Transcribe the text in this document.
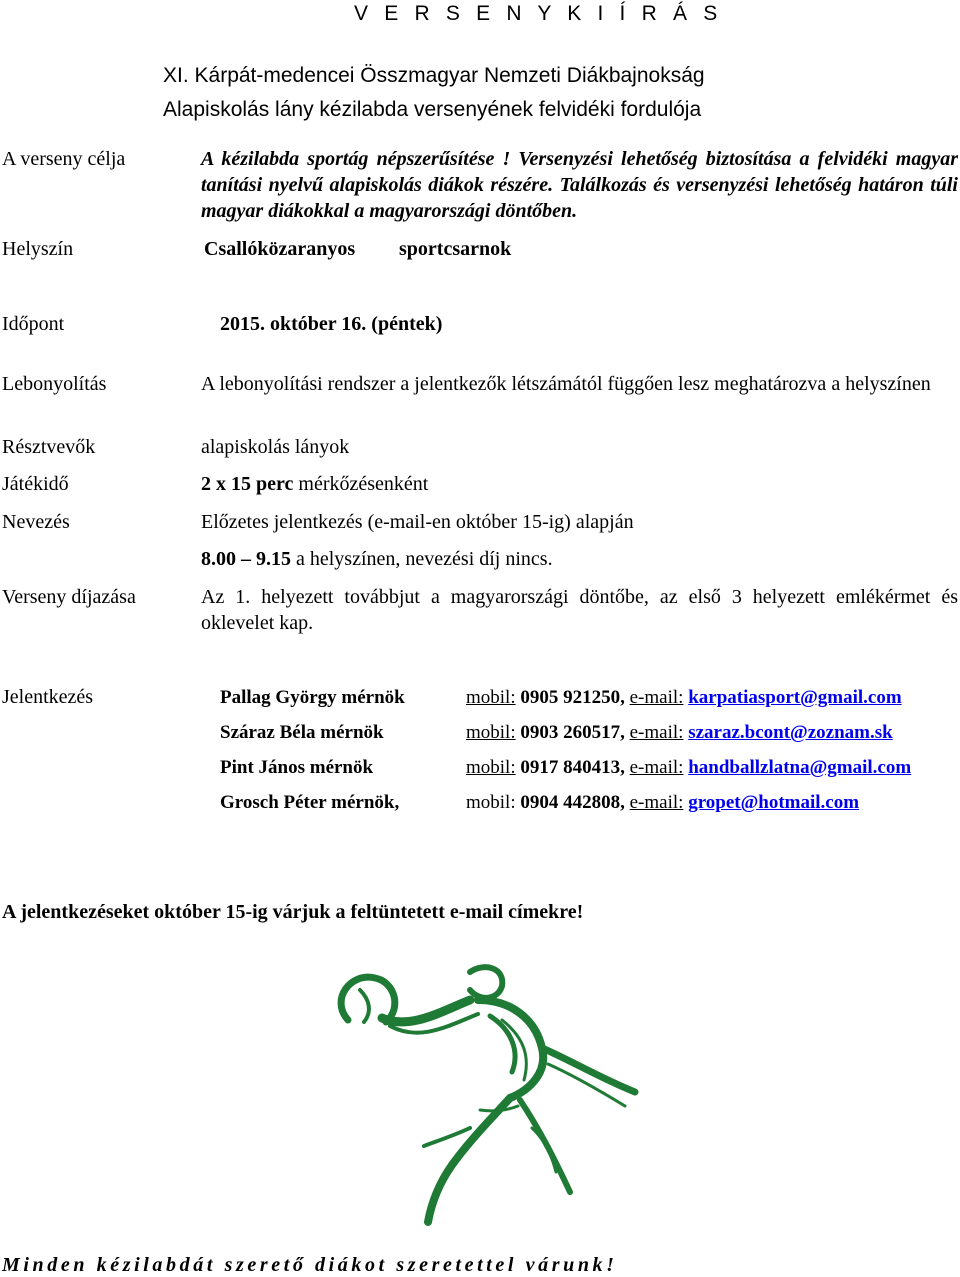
V E R S E N Y K I Í R Á S
XI. Kárpát-medencei Összmagyar Nemzeti Diákbajnokság
Alapiskolás lány kézilabda versenyének felvidéki fordulója
A verseny célja	A kézilabda sportág népszerűsítése ! Versenyzési lehetőség biztosítása a felvidéki magyar tanítási nyelvű alapiskolás diákok részére. Találkozás és versenyzési lehetőség határon túli magyar diákokkal a magyarországi döntőben.
Helyszín	Csallóközaranyos sportcsarnok
Időpont	2015. október 16. (péntek)
Lebonyolítás	A lebonyolítási rendszer a jelentkezők létszámától függően lesz meghatározva a helyszínen
Résztvevők	alapiskolás lányok
Játékidő	2 x 15 perc mérkőzésenként
Nevezés	Előzetes jelentkezés (e-mail-en október 15-ig) alapján
8.00 – 9.15 a helyszínen, nevezési díj nincs.
Verseny díjazása	Az 1. helyezett továbbjut a magyarországi döntőbe, az első 3 helyezett emlékérmet és oklevelet kap.
Jelentkezés	Pallag György mérnök	mobil: 0905 921250, e-mail: karpatiasport@gmail.com
Száraz Béla mérnök	mobil: 0903 260517, e-mail: szaraz.bcont@zoznam.sk
Pint János mérnök	mobil: 0917 840413, e-mail: handballzlatna@gmail.com
Grosch Péter mérnök,	mobil: 0904 442808, e-mail: gropet@hotmail.com
A jelentkezéseket október 15-ig várjuk a feltüntetett e-mail címekre!
Minden kézilabdát szerető diákot szeretettel várunk!
